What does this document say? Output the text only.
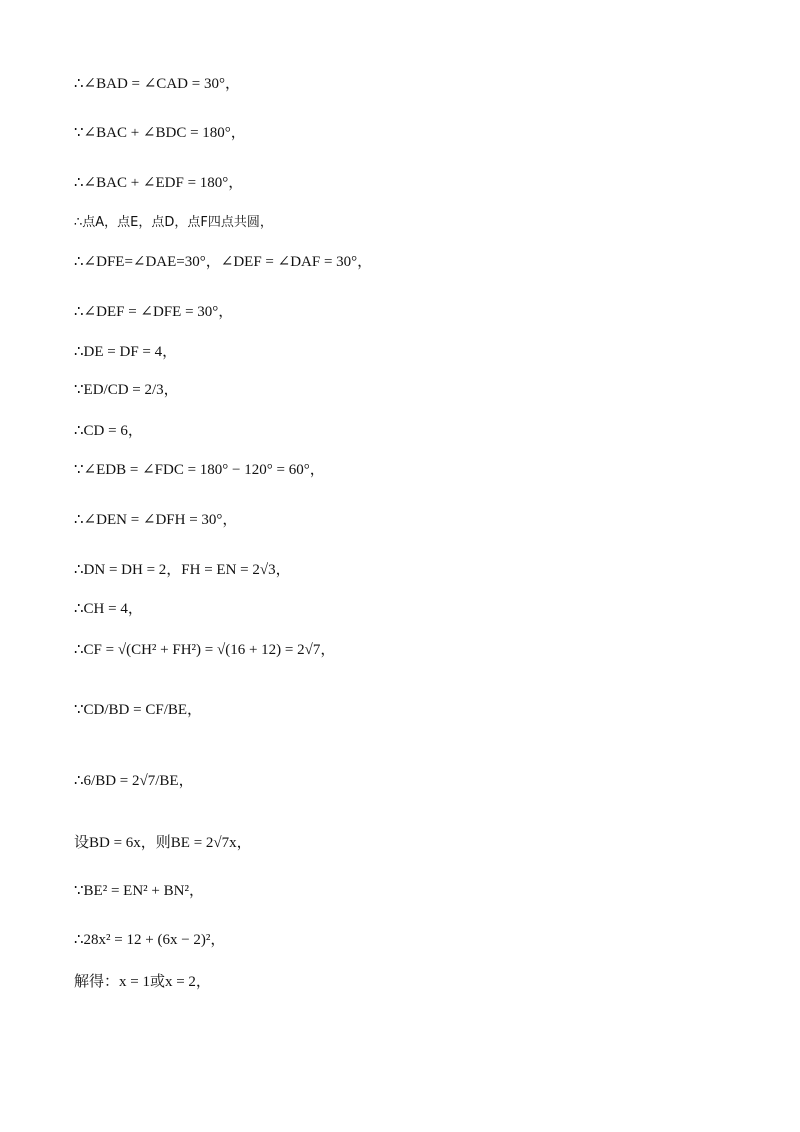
∴∠BAD = ∠CAD = 30°，
∵∠BAC + ∠BDC = 180°，
∴∠BAC + ∠EDF = 180°，
∴点A，点E，点D，点F四点共圆，
∴∠DFE=∠DAE=30°，∠DEF = ∠DAF = 30°，
∴∠DEF = ∠DFE = 30°，
∴DE = DF = 4，
∵ED/CD = 2/3，
∴CD = 6，
∵∠EDB = ∠FDC = 180° − 120° = 60°，
∴∠DEN = ∠DFH = 30°，
∴DN = DH = 2，FH = EN = 2√3，
∴CH = 4，
∴CF = √(CH² + FH²) = √(16 + 12) = 2√7，
∵CD/BD = CF/BE，
∴6/BD = 2√7/BE，
设BD = 6x，则BE = 2√7x，
∵BE² = EN² + BN²，
∴28x² = 12 + (6x − 2)²，
解得：x = 1或x = 2，
